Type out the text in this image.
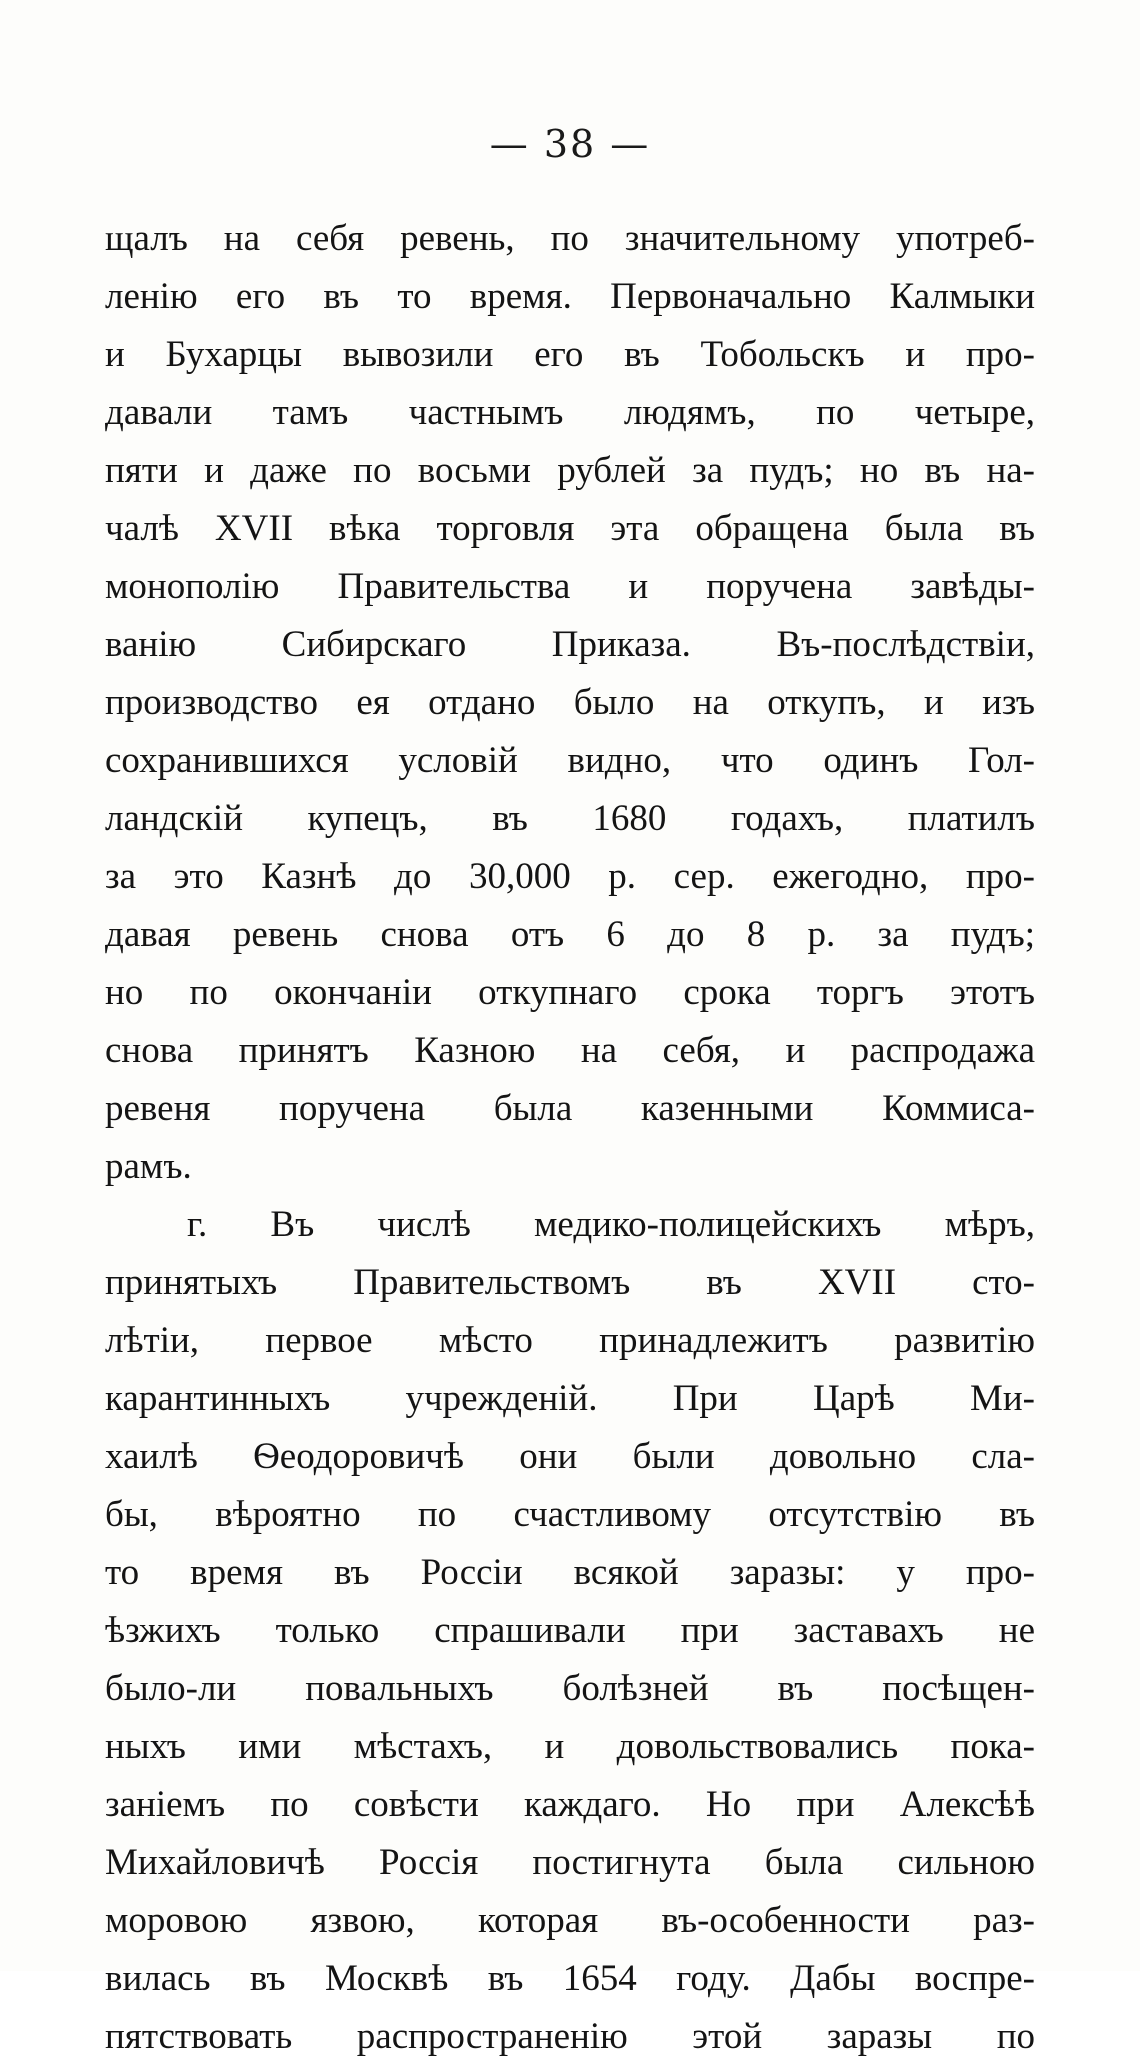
— 38 —
щалъ на себя ревень, по значительному употреб-
ленію его въ то время. Первоначально Калмыки
и Бухарцы вывозили его въ Тобольскъ и про-
давали тамъ частнымъ людямъ, по четыре,
пяти и даже по восьми рублей за пудъ; но въ на-
чалѣ XVII вѣка торговля эта обращена была въ
монополію Правительства и поручена завѣды-
ванію Сибирскаго Приказа. Въ-послѣдствіи,
производство ея отдано было на откупъ, и изъ
сохранившихся условій видно, что одинъ Гол-
ландскій купецъ, въ 1680 годахъ, платилъ
за это Казнѣ до 30,000 р. сер. ежегодно, про-
давая ревень снова отъ 6 до 8 р. за пудъ;
но по окончаніи откупнаго срока торгъ этотъ
снова принятъ Казною на себя, и распродажа
ревеня поручена была казенными Коммиса-
рамъ.
г. Въ числѣ медико-полицейскихъ мѣръ,
принятыхъ Правительствомъ въ XVII сто-
лѣтіи, первое мѣсто принадлежитъ развитію
карантинныхъ учрежденій. При Царѣ Ми-
хаилѣ Ѳеодоровичѣ они были довольно сла-
бы, вѣроятно по счастливому отсутствію въ
то время въ Россіи всякой заразы: у про-
ѣзжихъ только спрашивали при заставахъ не
было-ли повальныхъ болѣзней въ посѣщен-
ныхъ ими мѣстахъ, и довольствовались пока-
заніемъ по совѣсти каждаго. Но при Алексѣѣ
Михайловичѣ Россія постигнута была сильною
моровою язвою, которая въ-особенности раз-
вилась въ Москвѣ въ 1654 году. Дабы воспре-
пятствовать распространенію этой заразы по
